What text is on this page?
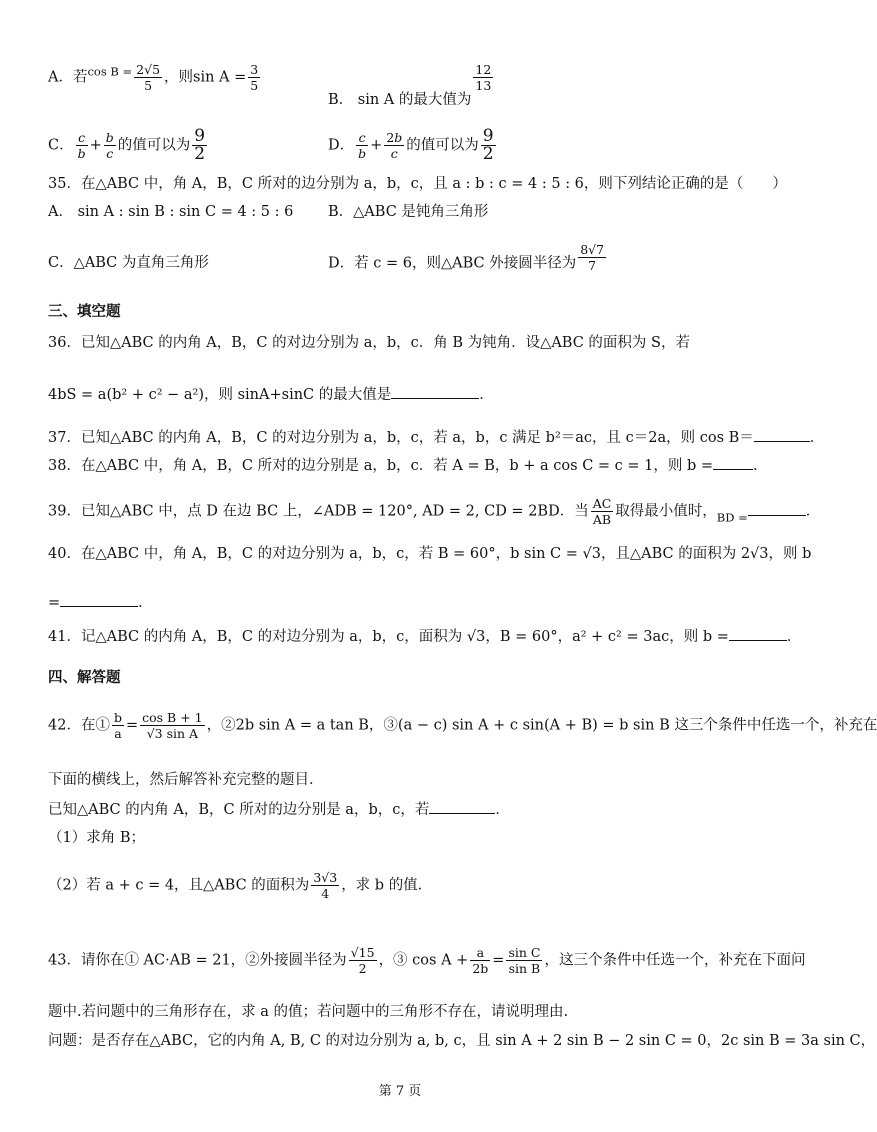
A．若$^{cos B =} \frac{2√5}{5}$ ，则$\sin A = \frac{3}{5}$
B． sin A 的最大值为
$\frac{12}{13}$
C． $\frac{c}{b} + \frac{b}{c}$ 的值可以为 $\frac{9}{2}$	D． $\frac{c}{b} + \frac{2b}{c}$ 的值可以为 $\frac{9}{2}$
35．在△ABC 中，角 A，B，C 所对的边分别为 a，b，c，且 a : b : c = 4 : 5 : 6，则下列结论正确的是（　　）
A． sin A : sin B : sin C = 4 : 5 : 6	B．△ABC 是钝角三角形
C．△ABC 为直角三角形	D．若 c = 6，则△ABC 外接圆半径为 $\frac{8√7}{7}$
三、填空题
36．已知△ABC 的内角 A，B，C 的对边分别为 a，b，c．角 B 为钝角．设△ABC 的面积为 S，若
4bS = a(b² + c² − a²)，则 sinA+sinC 的最大值是	．
37．已知△ABC 的内角 A，B，C 的对边分别为 a，b，c，若 a，b，c 满足 b²＝ac，且 c＝2a，则 cos B＝	．
38．在△ABC 中，角 A，B，C 所对的边分别是 a，b，c．若 A = B，b + a cos C = c = 1，则 b =	．
39．已知△ABC 中，点 D 在边 BC 上，∠ADB = 120°, AD = 2, CD = 2BD．当 $\frac{AC}{AB}$ 取得最小值时，$_{BD =}$	．
40．在△ABC 中，角 A，B，C 的对边分别为 a，b，c，若 B = 60°，b sin C = √3，且△ABC 的面积为 2√3，则 b
=	．
41．记△ABC 的内角 A，B，C 的对边分别为 a，b，c，面积为 √3，B = 60°，a² + c² = 3ac，则 b =	．
四、解答题
42．在① $\frac{b}{a} = \frac{\text{cos B + 1}}{\text{√3 sin A}}$ ，②2b sin A = a tan B，③(a − c) sin A + c sin(A + B) = b sin B 这三个条件中任选一个，补充在
下面的横线上，然后解答补充完整的题目．
已知△ABC 的内角 A，B，C 所对的边分别是 a，b，c，若	．
（1）求角 B；
（2）若 a + c = 4，且△ABC 的面积为 $\frac{3√3}{4}$ ，求 b 的值．
43．请你在① AC·AB = 21，②外接圆半径为 $\frac{√15}{2}$ ，③ $\cos A + \frac{a}{2b} = \frac{\text{sin C}}{\text{sin B}}$ ，这三个条件中任选一个，补充在下面问
题中.若问题中的三角形存在，求 a 的值；若问题中的三角形不存在，请说明理由.
问题：是否存在△ABC，它的内角 A, B, C 的对边分别为 a, b, c，且 sin A + 2 sin B − 2 sin C = 0，2c sin B = 3a sin C，
第 7 页
